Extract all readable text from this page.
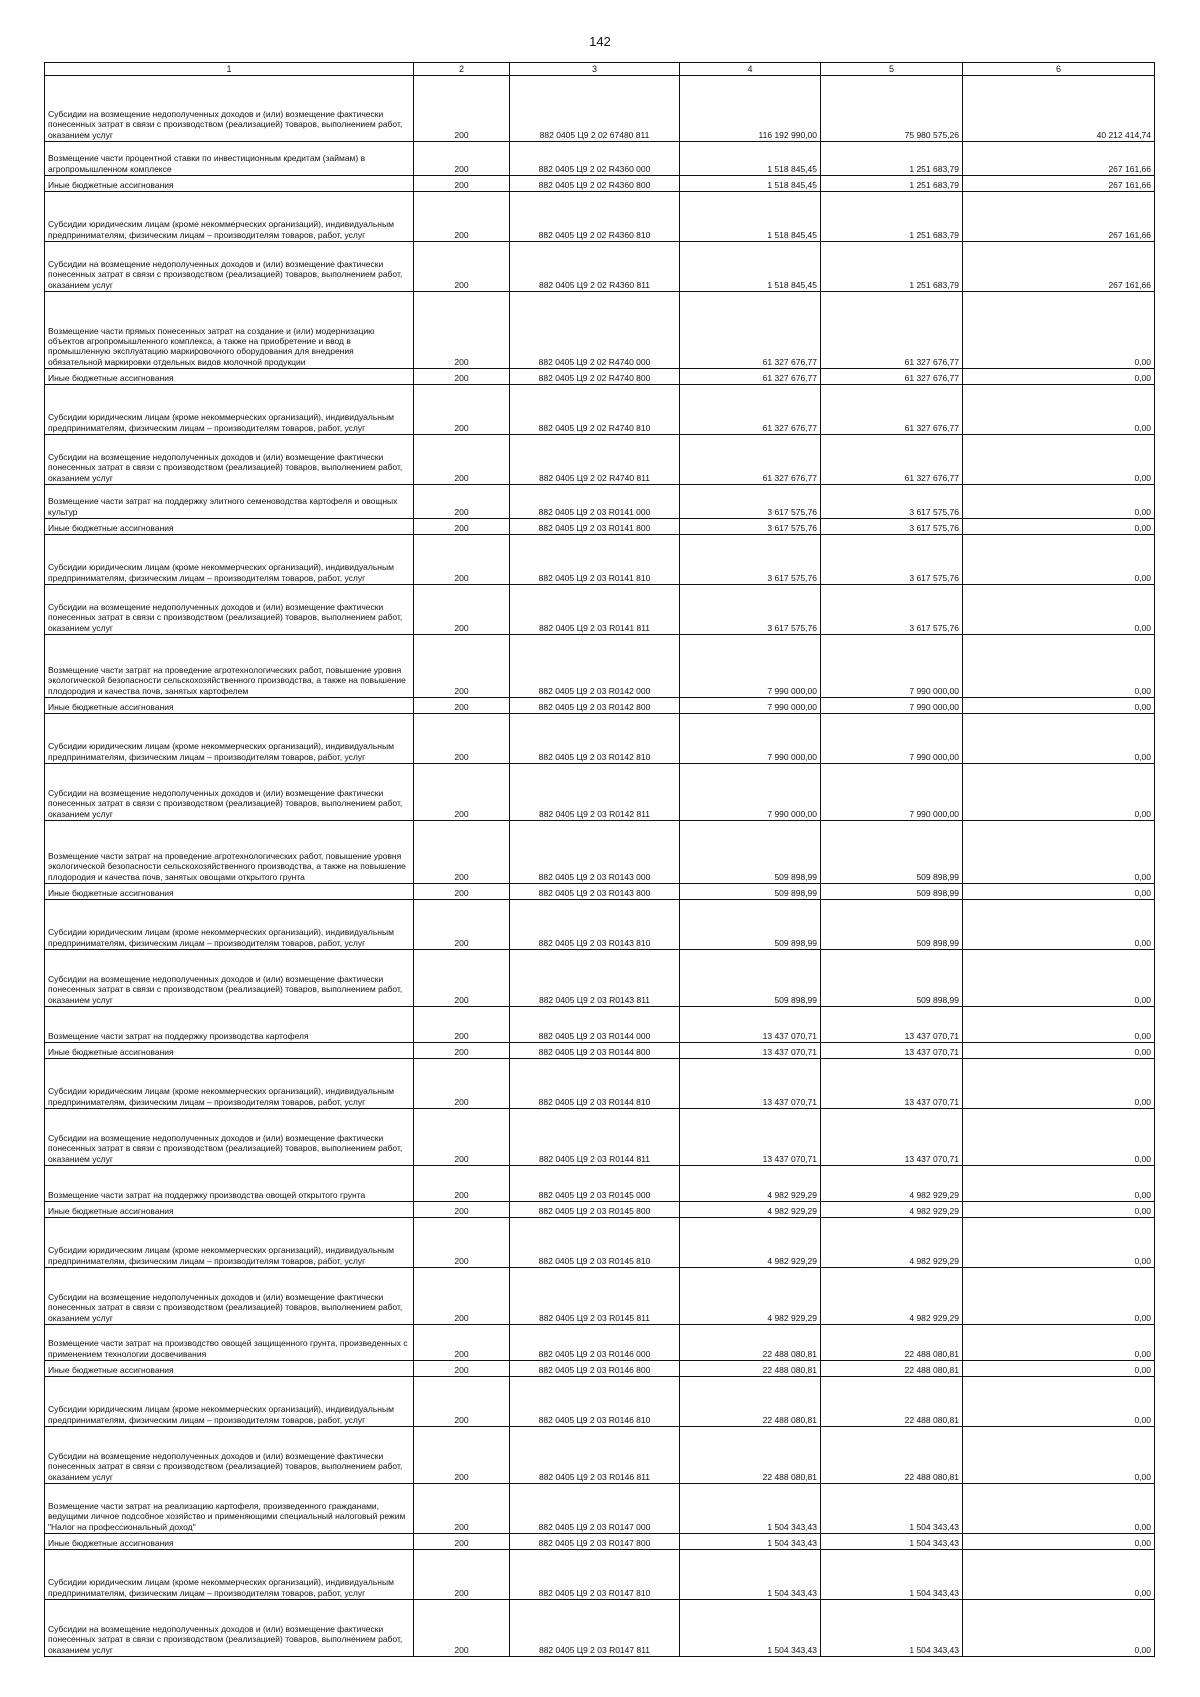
142
1	2	3	4	5	6
Субсидии на возмещение недополученных доходов и (или) возмещение фактически понесенных затрат в связи с производством (реализацией) товаров, выполнением работ, оказанием услуг	200	882 0405 Ц9 2 02 67480 811	116 192 990,00	75 980 575,26	40 212 414,74
Возмещение части процентной ставки по инвестиционным кредитам (займам) в агропромышленном комплексе	200	882 0405 Ц9 2 02 R4360 000	1 518 845,45	1 251 683,79	267 161,66
Иные бюджетные ассигнования	200	882 0405 Ц9 2 02 R4360 800	1 518 845,45	1 251 683,79	267 161,66
Субсидии юридическим лицам (кроме некоммерческих организаций), индивидуальным предпринимателям, физическим лицам – производителям товаров, работ, услуг	200	882 0405 Ц9 2 02 R4360 810	1 518 845,45	1 251 683,79	267 161,66
Субсидии на возмещение недополученных доходов и (или) возмещение фактически понесенных затрат в связи с производством (реализацией) товаров, выполнением работ, оказанием услуг	200	882 0405 Ц9 2 02 R4360 811	1 518 845,45	1 251 683,79	267 161,66
Возмещение части прямых понесенных затрат на создание и (или) модернизацию объектов агропромышленного комплекса, а также на приобретение и ввод в промышленную эксплуатацию маркировочного оборудования для внедрения обязательной маркировки отдельных видов молочной продукции	200	882 0405 Ц9 2 02 R4740 000	61 327 676,77	61 327 676,77	0,00
Иные бюджетные ассигнования	200	882 0405 Ц9 2 02 R4740 800	61 327 676,77	61 327 676,77	0,00
Субсидии юридическим лицам (кроме некоммерческих организаций), индивидуальным предпринимателям, физическим лицам – производителям товаров, работ, услуг	200	882 0405 Ц9 2 02 R4740 810	61 327 676,77	61 327 676,77	0,00
Субсидии на возмещение недополученных доходов и (или) возмещение фактически понесенных затрат в связи с производством (реализацией) товаров, выполнением работ, оказанием услуг	200	882 0405 Ц9 2 02 R4740 811	61 327 676,77	61 327 676,77	0,00
Возмещение части затрат на поддержку элитного семеноводства картофеля и овощных культур	200	882 0405 Ц9 2 03 R0141 000	3 617 575,76	3 617 575,76	0,00
Иные бюджетные ассигнования	200	882 0405 Ц9 2 03 R0141 800	3 617 575,76	3 617 575,76	0,00
Субсидии юридическим лицам (кроме некоммерческих организаций), индивидуальным предпринимателям, физическим лицам – производителям товаров, работ, услуг	200	882 0405 Ц9 2 03 R0141 810	3 617 575,76	3 617 575,76	0,00
Субсидии на возмещение недополученных доходов и (или) возмещение фактически понесенных затрат в связи с производством (реализацией) товаров, выполнением работ, оказанием услуг	200	882 0405 Ц9 2 03 R0141 811	3 617 575,76	3 617 575,76	0,00
Возмещение части затрат на проведение агротехнологических работ, повышение уровня экологической безопасности сельскохозяйственного производства, а также на повышение плодородия и качества почв, занятых картофелем	200	882 0405 Ц9 2 03 R0142 000	7 990 000,00	7 990 000,00	0,00
Иные бюджетные ассигнования	200	882 0405 Ц9 2 03 R0142 800	7 990 000,00	7 990 000,00	0,00
Субсидии юридическим лицам (кроме некоммерческих организаций), индивидуальным предпринимателям, физическим лицам – производителям товаров, работ, услуг	200	882 0405 Ц9 2 03 R0142 810	7 990 000,00	7 990 000,00	0,00
Субсидии на возмещение недополученных доходов и (или) возмещение фактически понесенных затрат в связи с производством (реализацией) товаров, выполнением работ, оказанием услуг	200	882 0405 Ц9 2 03 R0142 811	7 990 000,00	7 990 000,00	0,00
Возмещение части затрат на проведение агротехнологических работ, повышение уровня экологической безопасности сельскохозяйственного производства, а также на повышение плодородия и качества почв, занятых овощами открытого грунта	200	882 0405 Ц9 2 03 R0143 000	509 898,99	509 898,99	0,00
Иные бюджетные ассигнования	200	882 0405 Ц9 2 03 R0143 800	509 898,99	509 898,99	0,00
Субсидии юридическим лицам (кроме некоммерческих организаций), индивидуальным предпринимателям, физическим лицам – производителям товаров, работ, услуг	200	882 0405 Ц9 2 03 R0143 810	509 898,99	509 898,99	0,00
Субсидии на возмещение недополученных доходов и (или) возмещение фактически понесенных затрат в связи с производством (реализацией) товаров, выполнением работ, оказанием услуг	200	882 0405 Ц9 2 03 R0143 811	509 898,99	509 898,99	0,00
Возмещение части затрат на поддержку производства картофеля	200	882 0405 Ц9 2 03 R0144 000	13 437 070,71	13 437 070,71	0,00
Иные бюджетные ассигнования	200	882 0405 Ц9 2 03 R0144 800	13 437 070,71	13 437 070,71	0,00
Субсидии юридическим лицам (кроме некоммерческих организаций), индивидуальным предпринимателям, физическим лицам – производителям товаров, работ, услуг	200	882 0405 Ц9 2 03 R0144 810	13 437 070,71	13 437 070,71	0,00
Субсидии на возмещение недополученных доходов и (или) возмещение фактически понесенных затрат в связи с производством (реализацией) товаров, выполнением работ, оказанием услуг	200	882 0405 Ц9 2 03 R0144 811	13 437 070,71	13 437 070,71	0,00
Возмещение части затрат на поддержку производства овощей открытого грунта	200	882 0405 Ц9 2 03 R0145 000	4 982 929,29	4 982 929,29	0,00
Иные бюджетные ассигнования	200	882 0405 Ц9 2 03 R0145 800	4 982 929,29	4 982 929,29	0,00
Субсидии юридическим лицам (кроме некоммерческих организаций), индивидуальным предпринимателям, физическим лицам – производителям товаров, работ, услуг	200	882 0405 Ц9 2 03 R0145 810	4 982 929,29	4 982 929,29	0,00
Субсидии на возмещение недополученных доходов и (или) возмещение фактически понесенных затрат в связи с производством (реализацией) товаров, выполнением работ, оказанием услуг	200	882 0405 Ц9 2 03 R0145 811	4 982 929,29	4 982 929,29	0,00
Возмещение части затрат на производство овощей защищенного грунта, произведенных с применением технологии досвечивания	200	882 0405 Ц9 2 03 R0146 000	22 488 080,81	22 488 080,81	0,00
Иные бюджетные ассигнования	200	882 0405 Ц9 2 03 R0146 800	22 488 080,81	22 488 080,81	0,00
Субсидии юридическим лицам (кроме некоммерческих организаций), индивидуальным предпринимателям, физическим лицам – производителям товаров, работ, услуг	200	882 0405 Ц9 2 03 R0146 810	22 488 080,81	22 488 080,81	0,00
Субсидии на возмещение недополученных доходов и (или) возмещение фактически понесенных затрат в связи с производством (реализацией) товаров, выполнением работ, оказанием услуг	200	882 0405 Ц9 2 03 R0146 811	22 488 080,81	22 488 080,81	0,00
Возмещение части затрат на реализацию картофеля, произведенного гражданами, ведущими личное подсобное хозяйство и применяющими специальный налоговый режим "Налог на профессиональный доход"	200	882 0405 Ц9 2 03 R0147 000	1 504 343,43	1 504 343,43	0,00
Иные бюджетные ассигнования	200	882 0405 Ц9 2 03 R0147 800	1 504 343,43	1 504 343,43	0,00
Субсидии юридическим лицам (кроме некоммерческих организаций), индивидуальным предпринимателям, физическим лицам – производителям товаров, работ, услуг	200	882 0405 Ц9 2 03 R0147 810	1 504 343,43	1 504 343,43	0,00
Субсидии на возмещение недополученных доходов и (или) возмещение фактически понесенных затрат в связи с производством (реализацией) товаров, выполнением работ, оказанием услуг	200	882 0405 Ц9 2 03 R0147 811	1 504 343,43	1 504 343,43	0,00
